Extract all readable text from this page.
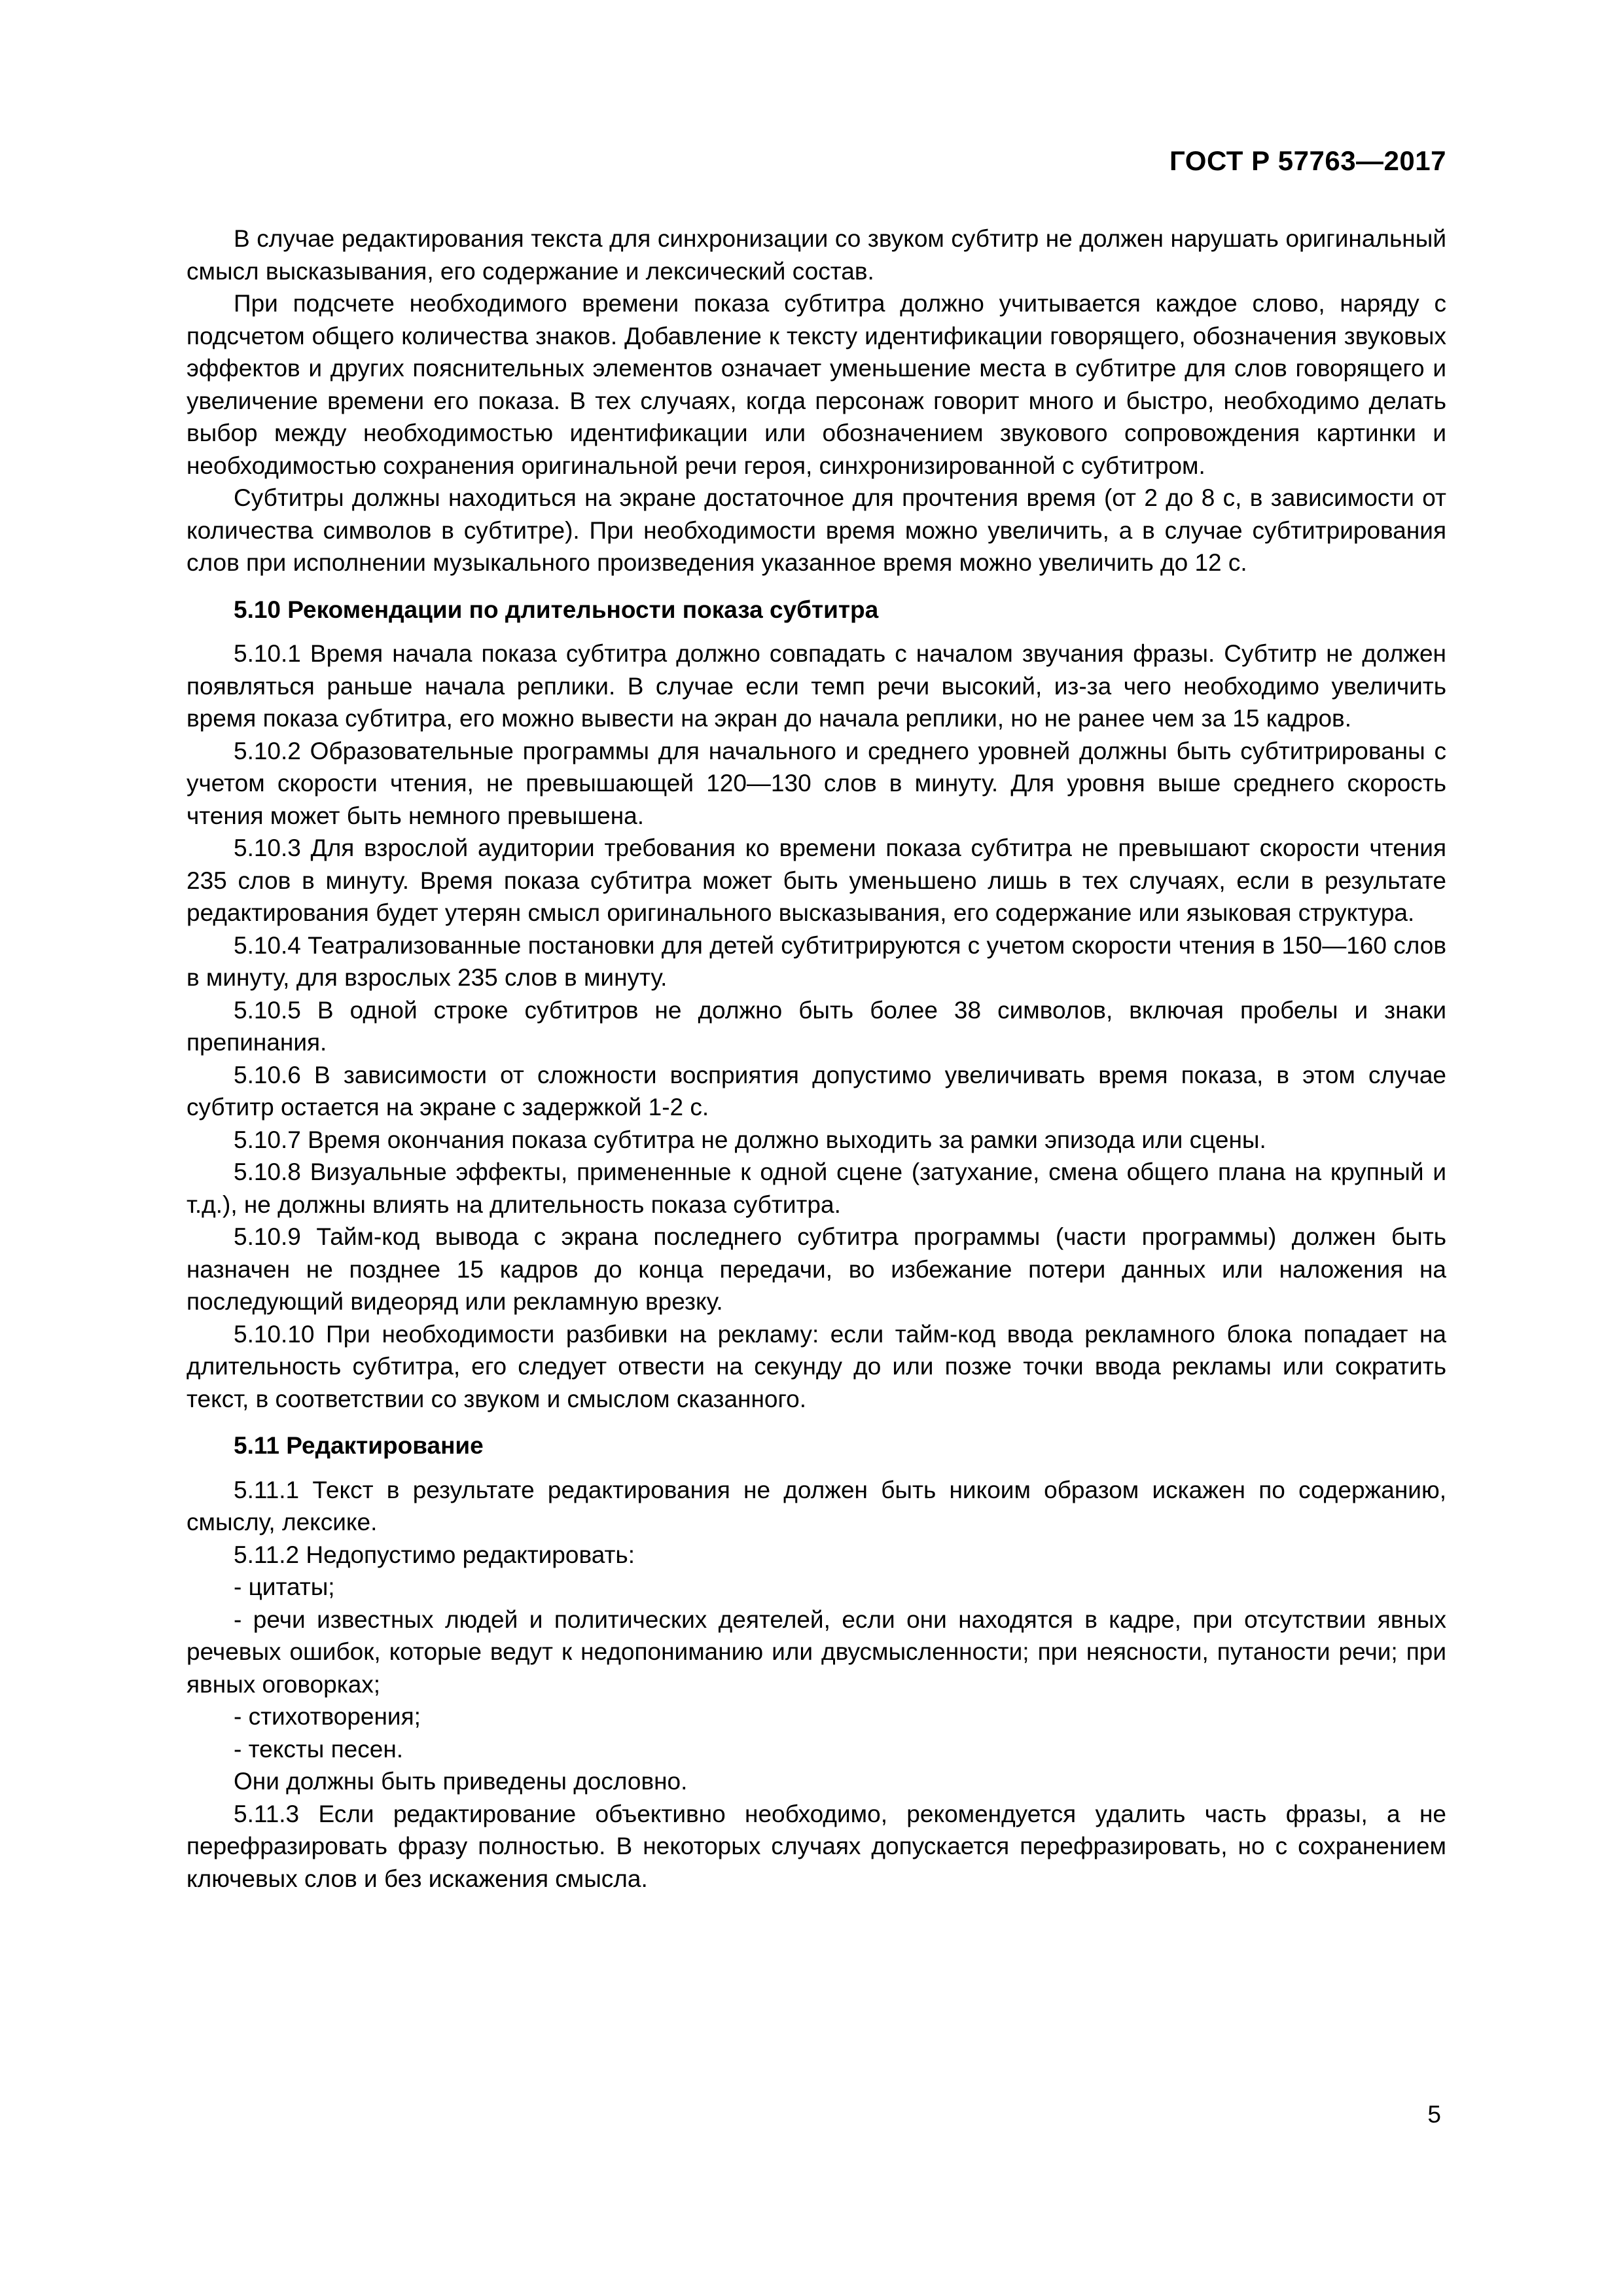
ГОСТ Р 57763—2017

В случае редактирования текста для синхронизации со звуком субтитр не должен нарушать оригинальный смысл высказывания, его содержание и лексический состав.

При подсчете необходимого времени показа субтитра должно учитывается каждое слово, наряду с подсчетом общего количества знаков. Добавление к тексту идентификации говорящего, обозначения звуковых эффектов и других пояснительных элементов означает уменьшение места в субтитре для слов говорящего и увеличение времени его показа. В тех случаях, когда персонаж говорит много и быстро, необходимо делать выбор между необходимостью идентификации или обозначением звукового сопровождения картинки и необходимостью сохранения оригинальной речи героя, синхронизированной с субтитром.

Субтитры должны находиться на экране достаточное для прочтения время (от 2 до 8 с, в зависимости от количества символов в субтитре). При необходимости время можно увеличить, а в случае субтитрирования слов при исполнении музыкального произведения указанное время можно увеличить до 12 с.

5.10 Рекомендации по длительности показа субтитра

5.10.1 Время начала показа субтитра должно совпадать с началом звучания фразы. Субтитр не должен появляться раньше начала реплики. В случае если темп речи высокий, из-за чего необходимо увеличить время показа субтитра, его можно вывести на экран до начала реплики, но не ранее чем за 15 кадров.

5.10.2 Образовательные программы для начального и среднего уровней должны быть субтитрированы с учетом скорости чтения, не превышающей 120—130 слов в минуту. Для уровня выше среднего скорость чтения может быть немного превышена.

5.10.3 Для взрослой аудитории требования ко времени показа субтитра не превышают скорости чтения 235 слов в минуту. Время показа субтитра может быть уменьшено лишь в тех случаях, если в результате редактирования будет утерян смысл оригинального высказывания, его содержание или языковая структура.

5.10.4 Театрализованные постановки для детей субтитрируются с учетом скорости чтения в 150—160 слов в минуту, для взрослых 235 слов в минуту.

5.10.5 В одной строке субтитров не должно быть более 38 символов, включая пробелы и знаки препинания.

5.10.6 В зависимости от сложности восприятия допустимо увеличивать время показа, в этом случае субтитр остается на экране с задержкой 1-2 с.

5.10.7 Время окончания показа субтитра не должно выходить за рамки эпизода или сцены.

5.10.8 Визуальные эффекты, примененные к одной сцене (затухание, смена общего плана на крупный и т.д.), не должны влиять на длительность показа субтитра.

5.10.9 Тайм-код вывода с экрана последнего субтитра программы (части программы) должен быть назначен не позднее 15 кадров до конца передачи, во избежание потери данных или наложения на последующий видеоряд или рекламную врезку.

5.10.10 При необходимости разбивки на рекламу: если тайм-код ввода рекламного блока попадает на длительность субтитра, его следует отвести на секунду до или позже точки ввода рекламы или сократить текст, в соответствии со звуком и смыслом сказанного.

5.11 Редактирование

5.11.1 Текст в результате редактирования не должен быть никоим образом искажен по содержанию, смыслу, лексике.

5.11.2 Недопустимо редактировать:

- цитаты;

- речи известных людей и политических деятелей, если они находятся в кадре, при отсутствии явных речевых ошибок, которые ведут к недопониманию или двусмысленности; при неясности, путаности речи; при явных оговорках;

- стихотворения;

- тексты песен.

Они должны быть приведены дословно.

5.11.3 Если редактирование объективно необходимо, рекомендуется удалить часть фразы, а не перефразировать фразу полностью. В некоторых случаях допускается перефразировать, но с сохранением ключевых слов и без искажения смысла.

5
